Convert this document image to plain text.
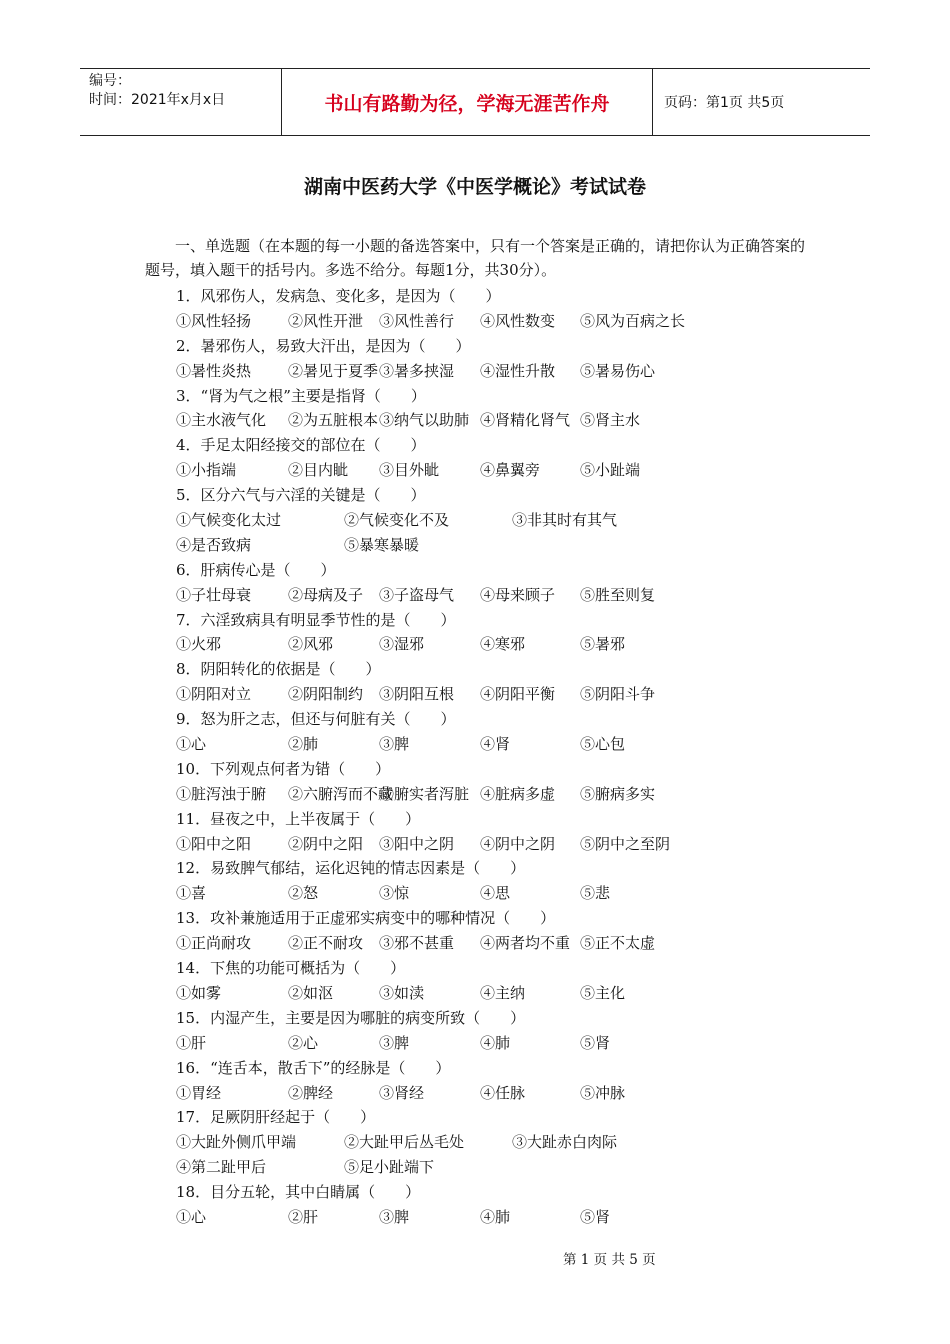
编号：
时间：2021年x月x日	书山有路勤为径，学海无涯苦作舟	页码：第1页 共5页
湖南中医药大学《中医学概论》考试试卷

一、单选题（在本题的每一小题的备选答案中，只有一个答案是正确的，请把你认为正确答案的题号，填入题干的括号内。多选不给分。每题1分，共30分）。

1．风邪伤人，发病急、变化多，是因为（　　）
①风性轻扬 ②风性开泄 ③风性善行 ④风性数变 ⑤风为百病之长
2．暑邪伤人，易致大汗出，是因为（　　）
①暑性炎热 ②暑见于夏季 ③暑多挟湿 ④湿性升散 ⑤暑易伤心
3．“肾为气之根”主要是指肾（　　）
①主水液气化 ②为五脏根本 ③纳气以助肺 ④肾精化肾气 ⑤肾主水
4．手足太阳经接交的部位在（　　）
①小指端	②目内眦 ③目外眦	④鼻翼旁	⑤小趾端
5．区分六气与六淫的关键是（　　）
①气候变化太过	②气候变化不及	③非其时有其气
④是否致病	⑤暴寒暴暖
6．肝病传心是（　　）
①子壮母衰 ②母病及子 ③子盗母气 ④母来顾子 ⑤胜至则复
7．六淫致病具有明显季节性的是（　　）
①火邪	②风邪	③湿邪	④寒邪	⑤暑邪
8．阴阳转化的依据是（　　）
①阴阳对立 ②阴阳制约 ③阴阳互根 ④阴阳平衡 ⑤阴阳斗争
9．怒为肝之志，但还与何脏有关（　　）
①心	②肺	③脾	④肾	⑤心包
10．下列观点何者为错（　　）
①脏泻浊于腑 ②六腑泻而不藏
③腑实者泻脏 ④脏病多虚 ⑤腑病多实
11．昼夜之中，上半夜属于（　　）
①阳中之阳 ②阴中之阳 ③阳中之阴 ④阴中之阴 ⑤阴中之至阴
12．易致脾气郁结，运化迟钝的情志因素是（　　）
①喜	②怒	③惊	④思	⑤悲
13．攻补兼施适用于正虚邪实病变中的哪种情况（　　）
①正尚耐攻 ②正不耐攻 ③邪不甚重 ④两者均不重 ⑤正不太虚
14．下焦的功能可概括为（　　）
①如雾	②如沤	③如渎	④主纳	⑤主化
15．内湿产生，主要是因为哪脏的病变所致（　　）
①肝	②心	③脾	④肺	⑤肾
16．“连舌本，散舌下”的经脉是（　　）
①胃经	②脾经	③肾经	④任脉	⑤冲脉
17．足厥阴肝经起于（　　）
①大趾外侧爪甲端	②大趾甲后丛毛处	③大趾赤白肉际
④第二趾甲后	⑤足小趾端下
18．目分五轮，其中白睛属（　　）
①心	②肝	③脾	④肺	⑤肾
第 1 页 共 5 页
